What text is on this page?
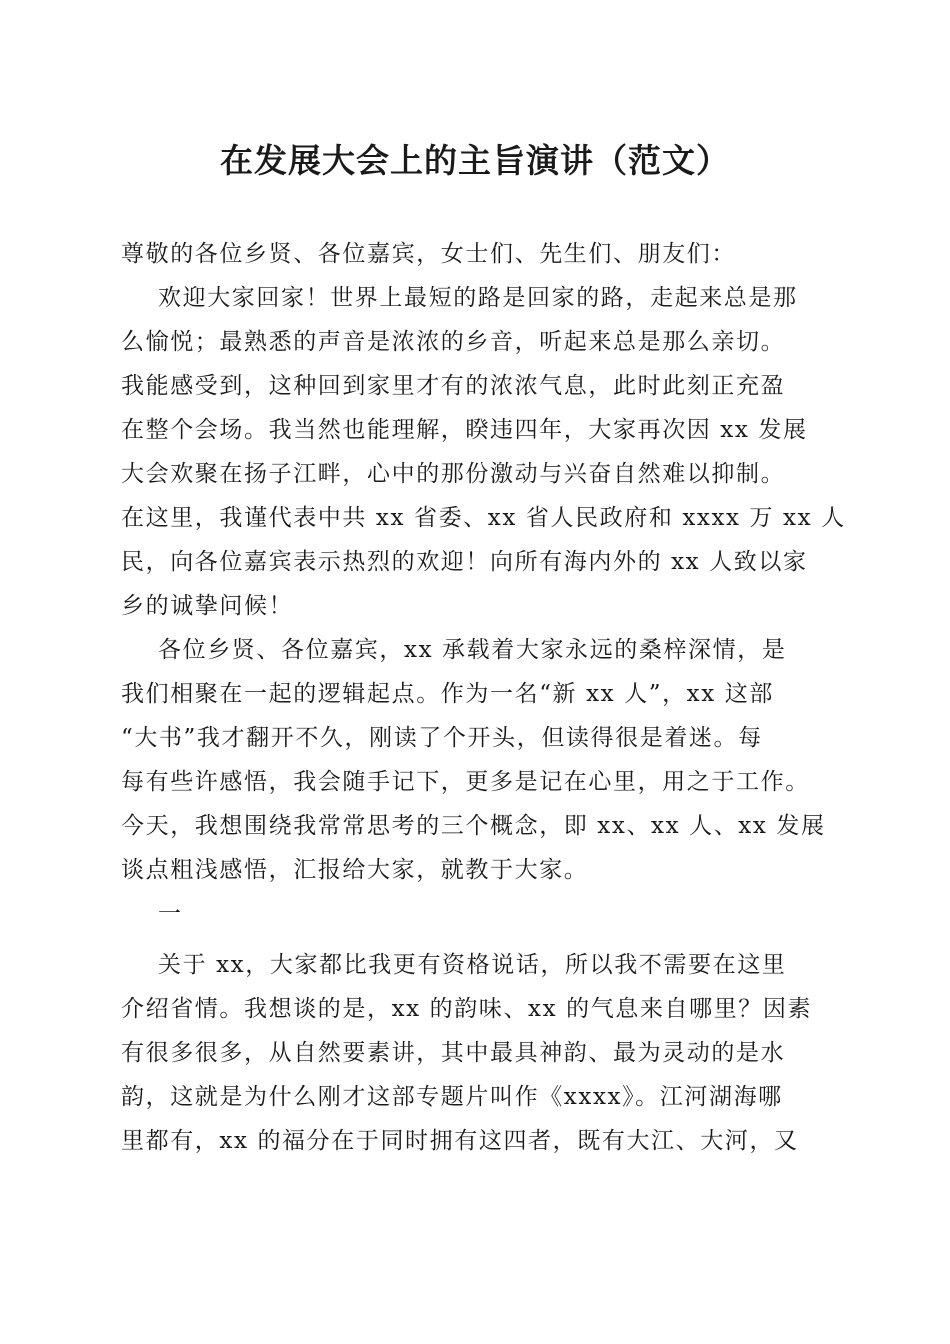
在发展大会上的主旨演讲（范文）
尊敬的各位乡贤、各位嘉宾，女士们、先生们、朋友们：
欢迎大家回家！世界上最短的路是回家的路，走起来总是那
么愉悦；最熟悉的声音是浓浓的乡音，听起来总是那么亲切。
我能感受到，这种回到家里才有的浓浓气息，此时此刻正充盈
在整个会场。我当然也能理解，睽违四年，大家再次因 xx 发展
大会欢聚在扬子江畔，心中的那份激动与兴奋自然难以抑制。
在这里，我谨代表中共 xx 省委、xx 省人民政府和 xxxx 万 xx 人
民，向各位嘉宾表示热烈的欢迎！向所有海内外的 xx 人致以家
乡的诚挚问候！
各位乡贤、各位嘉宾，xx 承载着大家永远的桑梓深情，是
我们相聚在一起的逻辑起点。作为一名“新 xx 人”，xx 这部
“大书”我才翻开不久，刚读了个开头，但读得很是着迷。每
每有些许感悟，我会随手记下，更多是记在心里，用之于工作。
今天，我想围绕我常常思考的三个概念，即 xx、xx 人、xx 发展
谈点粗浅感悟，汇报给大家，就教于大家。
一
关于 xx，大家都比我更有资格说话，所以我不需要在这里
介绍省情。我想谈的是，xx 的韵味、xx 的气息来自哪里？因素
有很多很多，从自然要素讲，其中最具神韵、最为灵动的是水
韵，这就是为什么刚才这部专题片叫作《xxxx》。江河湖海哪
里都有，xx 的福分在于同时拥有这四者，既有大江、大河，又
